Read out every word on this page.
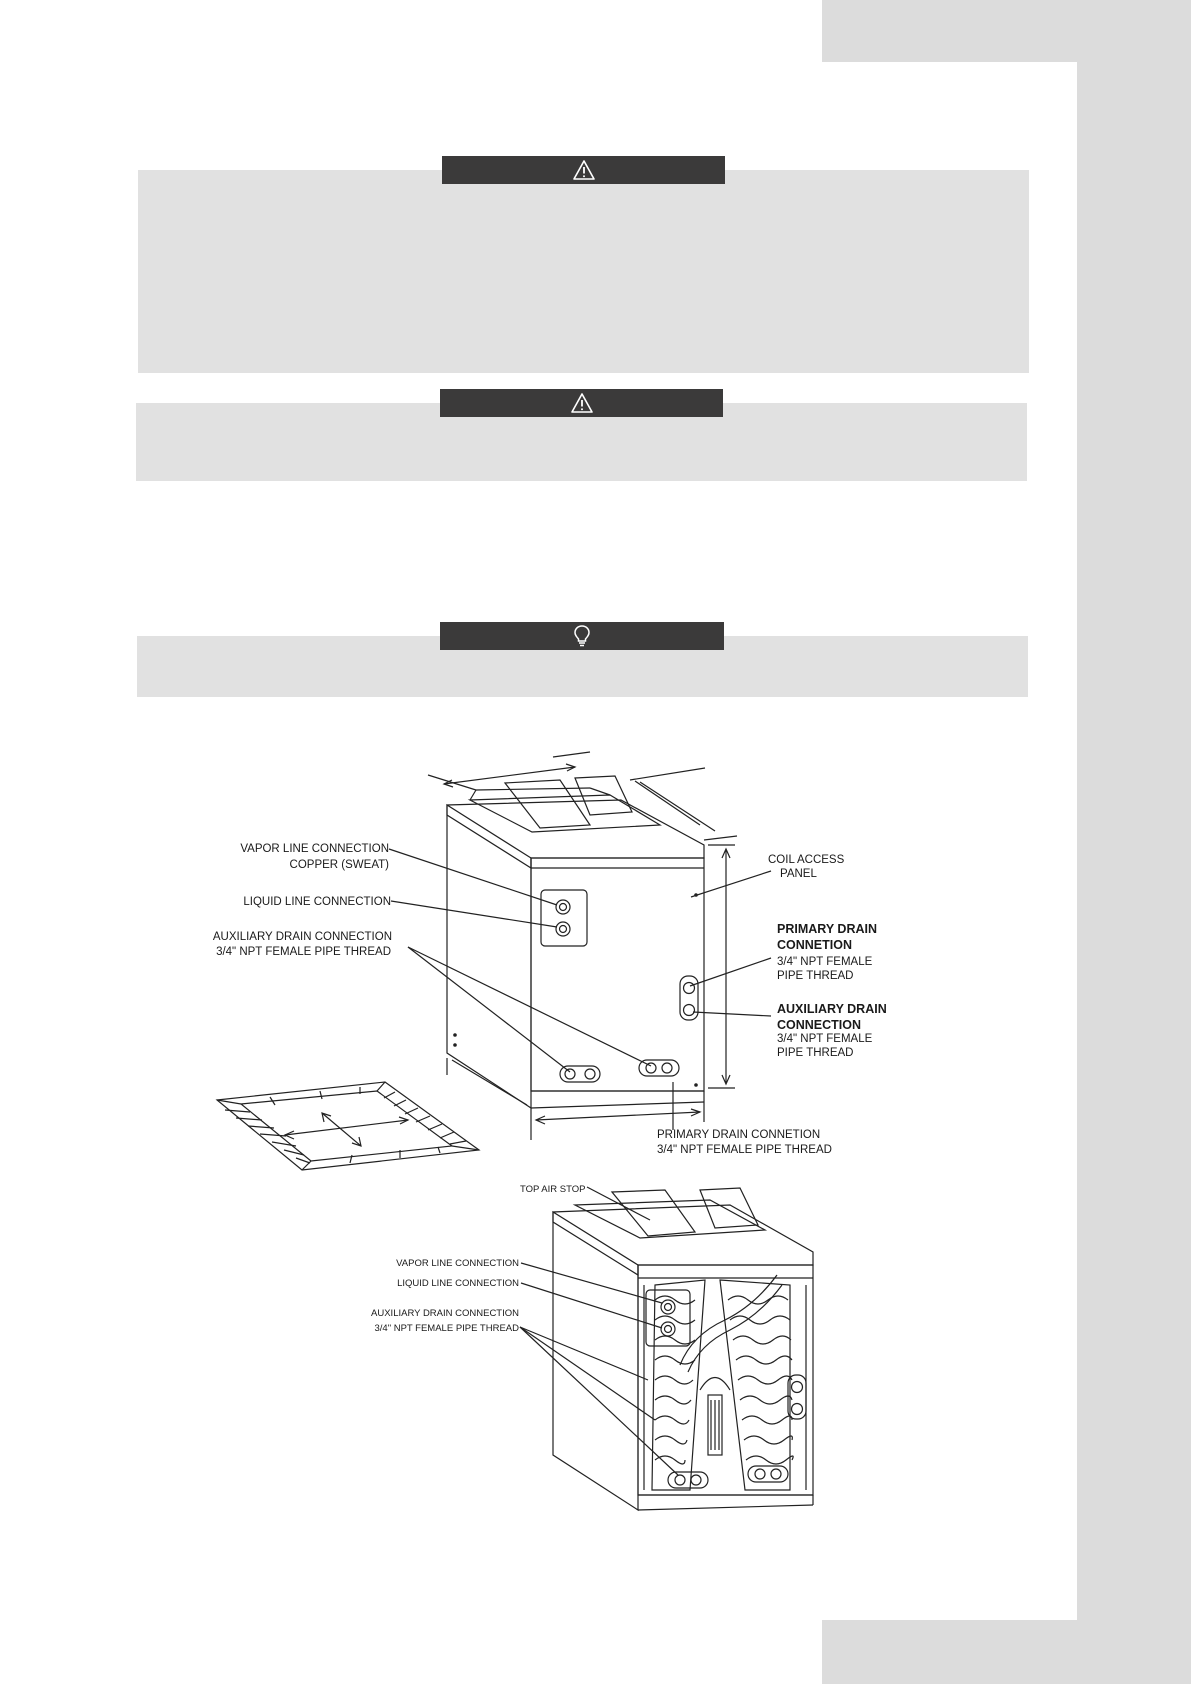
VAPOR LINE CONNECTION
COPPER (SWEAT)
LIQUID LINE CONNECTION
AUXILIARY DRAIN CONNECTION
3/4" NPT FEMALE PIPE THREAD
COIL ACCESS
PANEL
PRIMARY DRAIN
CONNETION
3/4" NPT FEMALE
PIPE THREAD
AUXILIARY DRAIN
CONNECTION
3/4" NPT FEMALE
PIPE THREAD
PRIMARY DRAIN CONNETION
3/4" NPT FEMALE PIPE THREAD
TOP AIR STOP
VAPOR LINE CONNECTION
LIQUID LINE CONNECTION
AUXILIARY DRAIN CONNECTION
3/4" NPT FEMALE PIPE THREAD
